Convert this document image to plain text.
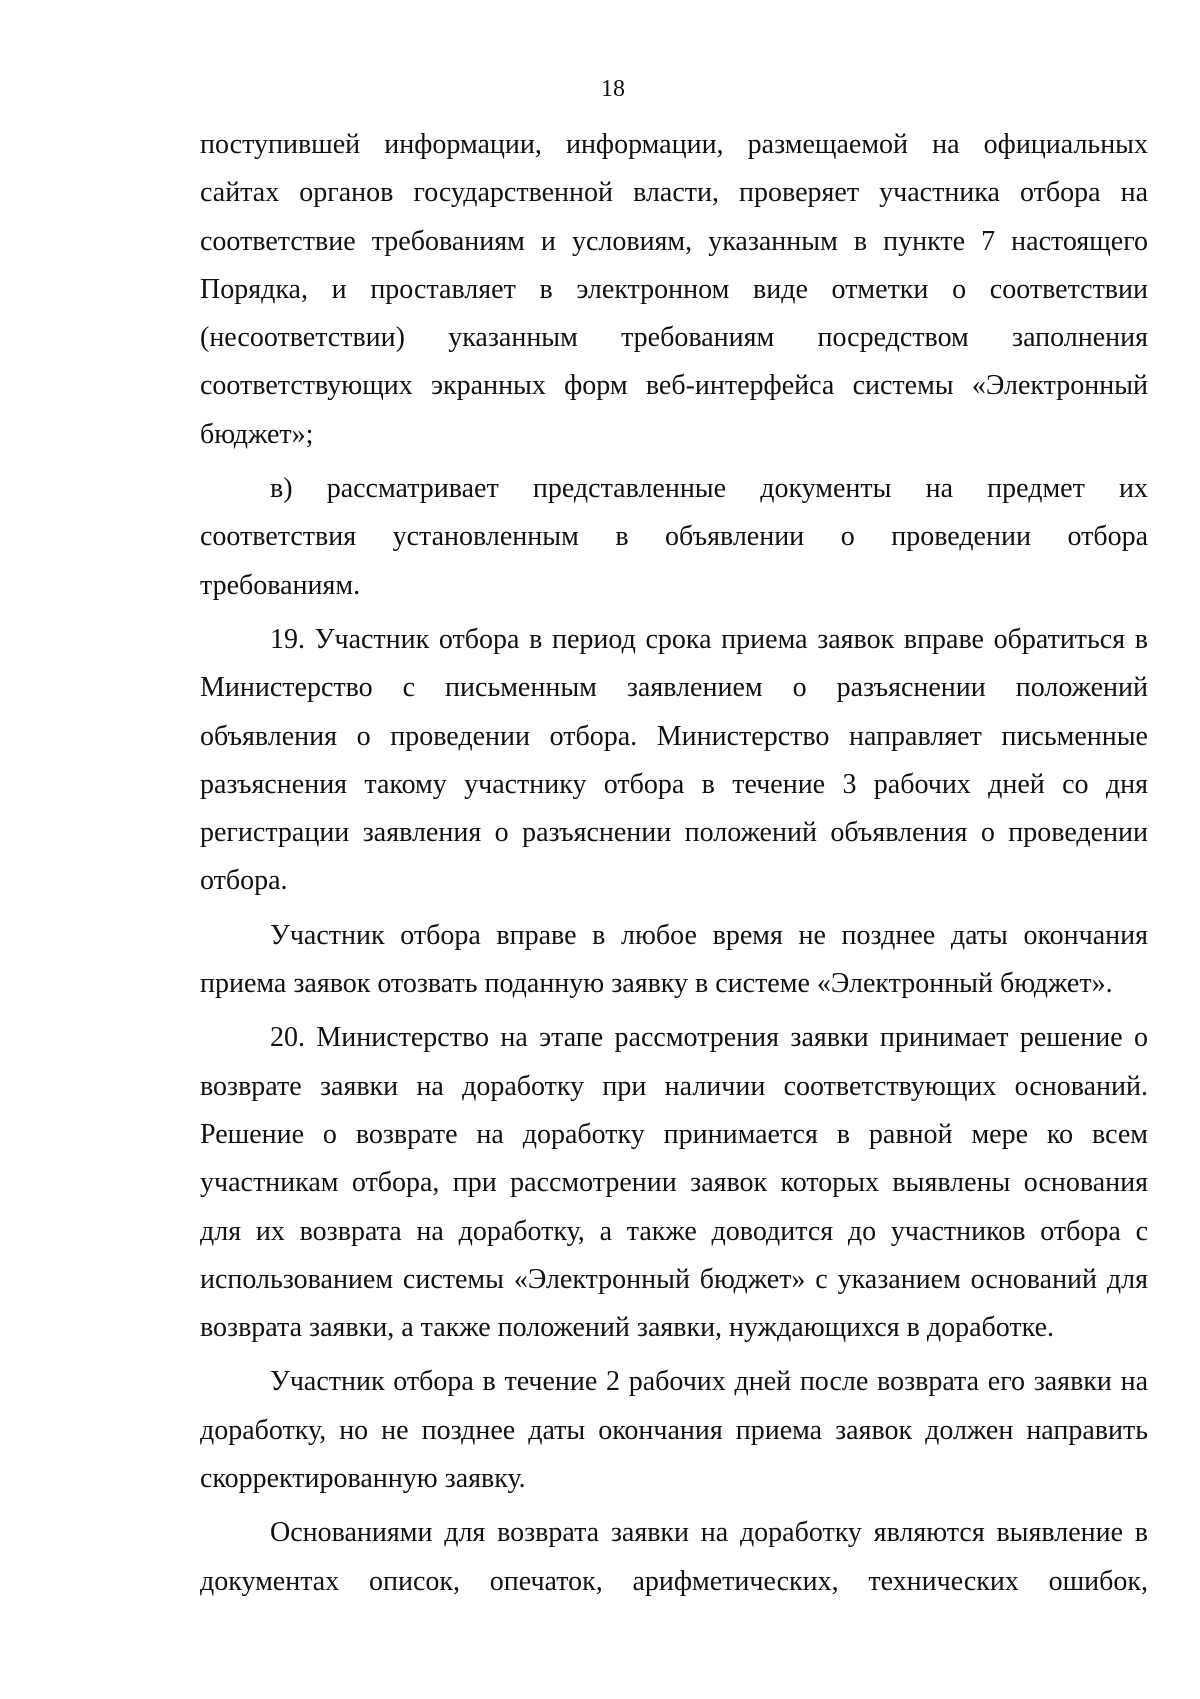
18
поступившей информации, информации, размещаемой на официальных
сайтах органов государственной власти, проверяет участника отбора на
соответствие требованиям и условиям, указанным в пункте 7 настоящего
Порядка, и проставляет в электронном виде отметки о соответствии
(несоответствии) указанным требованиям посредством заполнения
соответствующих экранных форм веб-интерфейса системы «Электронный
бюджет»;
в) рассматривает представленные документы на предмет их
соответствия установленным в объявлении о проведении отбора
требованиям.
19. Участник отбора в период срока приема заявок вправе обратиться в
Министерство с письменным заявлением о разъяснении положений
объявления о проведении отбора. Министерство направляет письменные
разъяснения такому участнику отбора в течение 3 рабочих дней со дня
регистрации заявления о разъяснении положений объявления о проведении
отбора.
Участник отбора вправе в любое время не позднее даты окончания
приема заявок отозвать поданную заявку в системе «Электронный бюджет».
20. Министерство на этапе рассмотрения заявки принимает решение о
возврате заявки на доработку при наличии соответствующих оснований.
Решение о возврате на доработку принимается в равной мере ко всем
участникам отбора, при рассмотрении заявок которых выявлены основания
для их возврата на доработку, а также доводится до участников отбора с
использованием системы «Электронный бюджет» с указанием оснований для
возврата заявки, а также положений заявки, нуждающихся в доработке.
Участник отбора в течение 2 рабочих дней после возврата его заявки на
доработку, но не позднее даты окончания приема заявок должен направить
скорректированную заявку.
Основаниями для возврата заявки на доработку являются выявление в
документах описок, опечаток, арифметических, технических ошибок,
